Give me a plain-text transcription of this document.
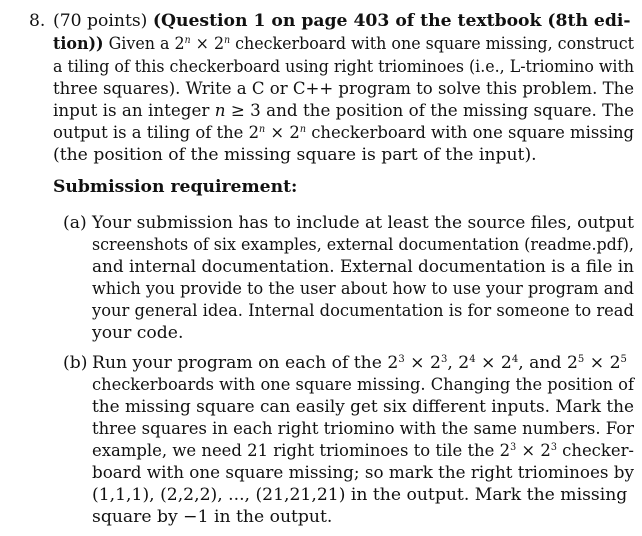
8. (70 points) (Question 1 on page 403 of the textbook (8th edi-
tion)) Given a $2^n \times 2^n$ checkerboard with one square missing, construct
a tiling of this checkerboard using right triominoes (i.e., L-triomino with
three squares). Write a C or C++ program to solve this problem. The
input is an integer n ≥ 3 and the position of the missing square. The
output is a tiling of the $2^n \times 2^n$ checkerboard with one square missing
(the position of the missing square is part of the input).
Submission requirement:
(a) Your submission has to include at least the source files, output
screenshots of six examples, external documentation (readme.pdf),
and internal documentation. External documentation is a file in
which you provide to the user about how to use your program and
your general idea. Internal documentation is for someone to read
your code.
(b) Run your program on each of the $2^3 \times 2^3$, $2^4 \times 2^4$, and $2^5 \times 2^5$
checkerboards with one square missing. Changing the position of
the missing square can easily get six different inputs. Mark the
three squares in each right triomino with the same numbers. For
example, we need 21 right triominoes to tile the $2^3 \times 2^3$ checker-
board with one square missing; so mark the right triominoes by
(1,1,1), (2,2,2), ..., (21,21,21) in the output. Mark the missing
square by −1 in the output.
